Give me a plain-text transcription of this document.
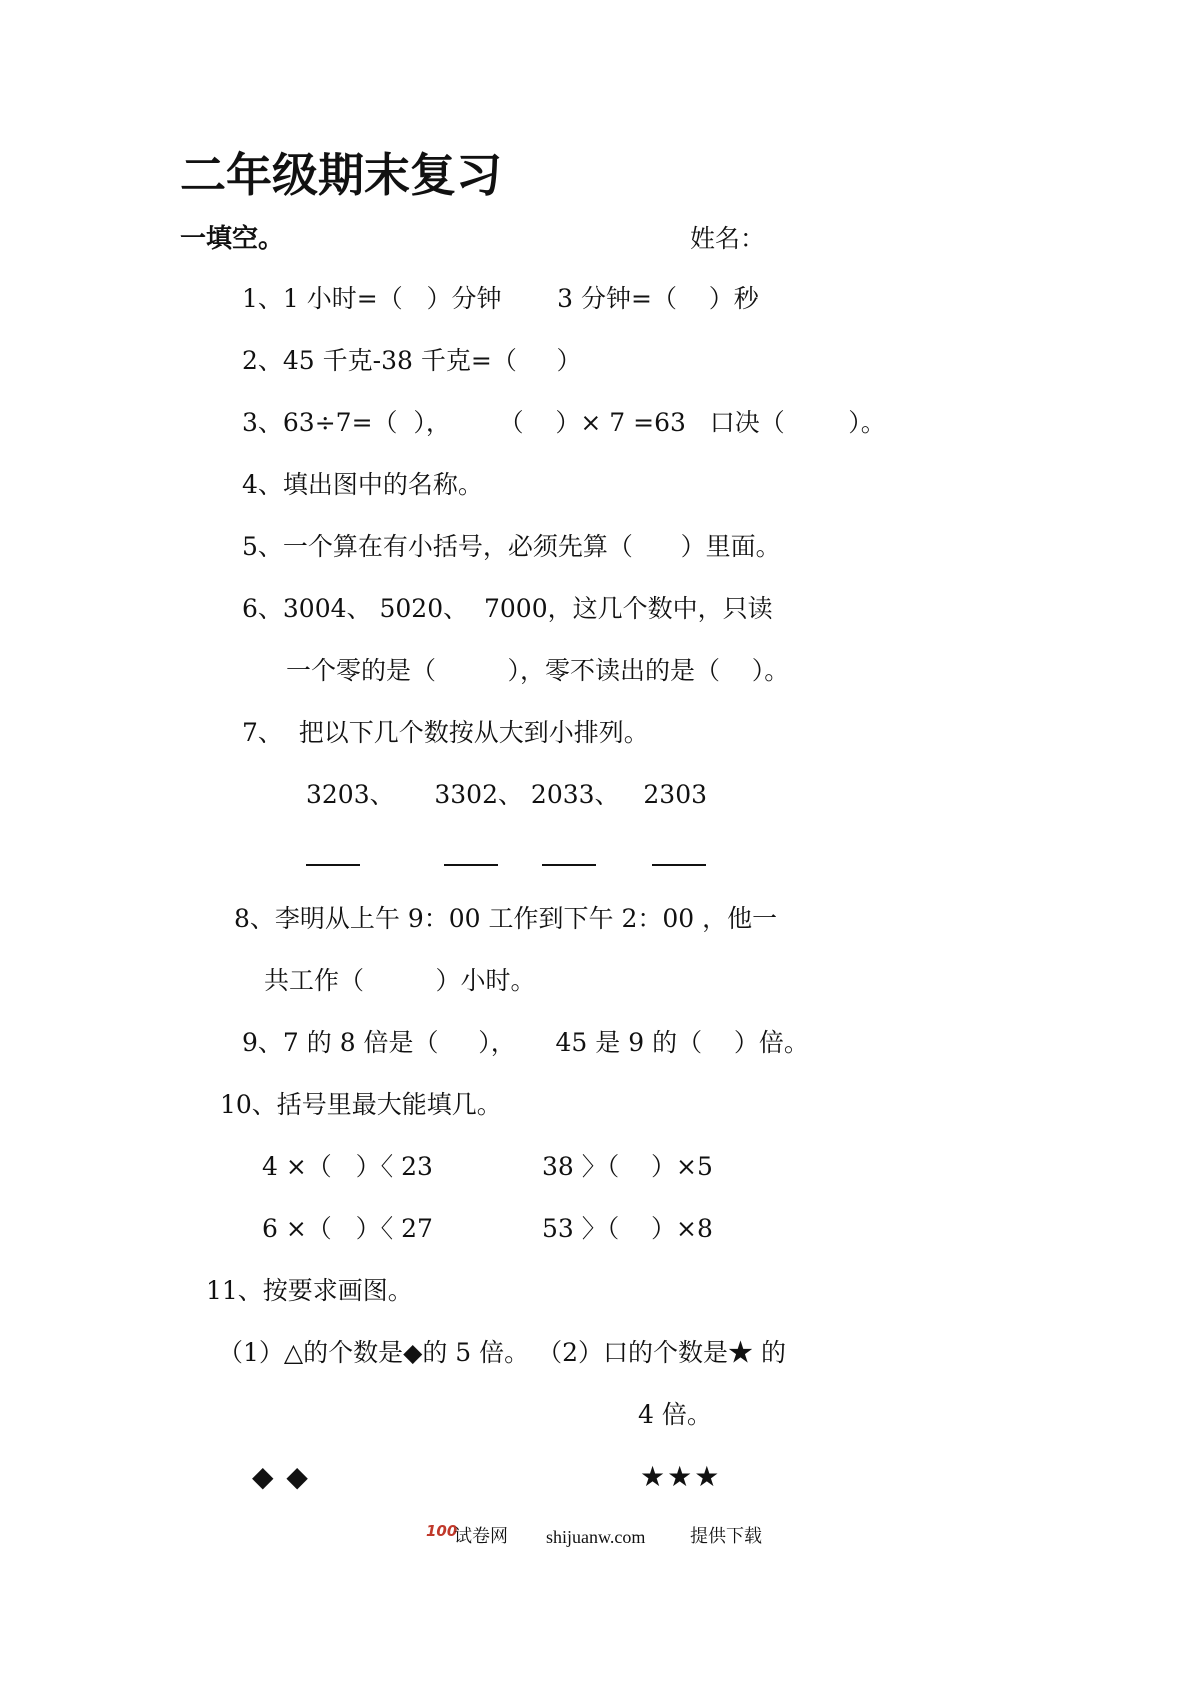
二年级期末复习
一填空。	姓名：
1、1 小时=（   ）分钟       3 分钟=（    ）秒
2、45 千克-38 千克=（     ）
3、63÷7=（  ），      （    ）× 7 =63   口决（        ）。
4、填出图中的名称。
5、一个算在有小括号，必须先算（      ）里面。
6、3004、 5020、  7000，这几个数中，只读
一个零的是（         ），零不读出的是（    ）。
7、  把以下几个数按从大到小排列。
3203、     3302、 2033、   2303
8、李明从上午 9：00 工作到下午 2：00 ，他一
共工作（         ）小时。
9、7 的 8 倍是（     ），     45 是 9 的（    ）倍。
10、括号里最大能填几。
4 ×（   ）〈 23	38 〉（    ）×5
6 ×（   ）〈 27	53 〉（    ）×8
11、按要求画图。
（1）△的个数是◆的 5 倍。 （2）口的个数是★ 的
4 倍。
◆ ◆	★★★
100
试卷网 shijuanw.com 提供下载
